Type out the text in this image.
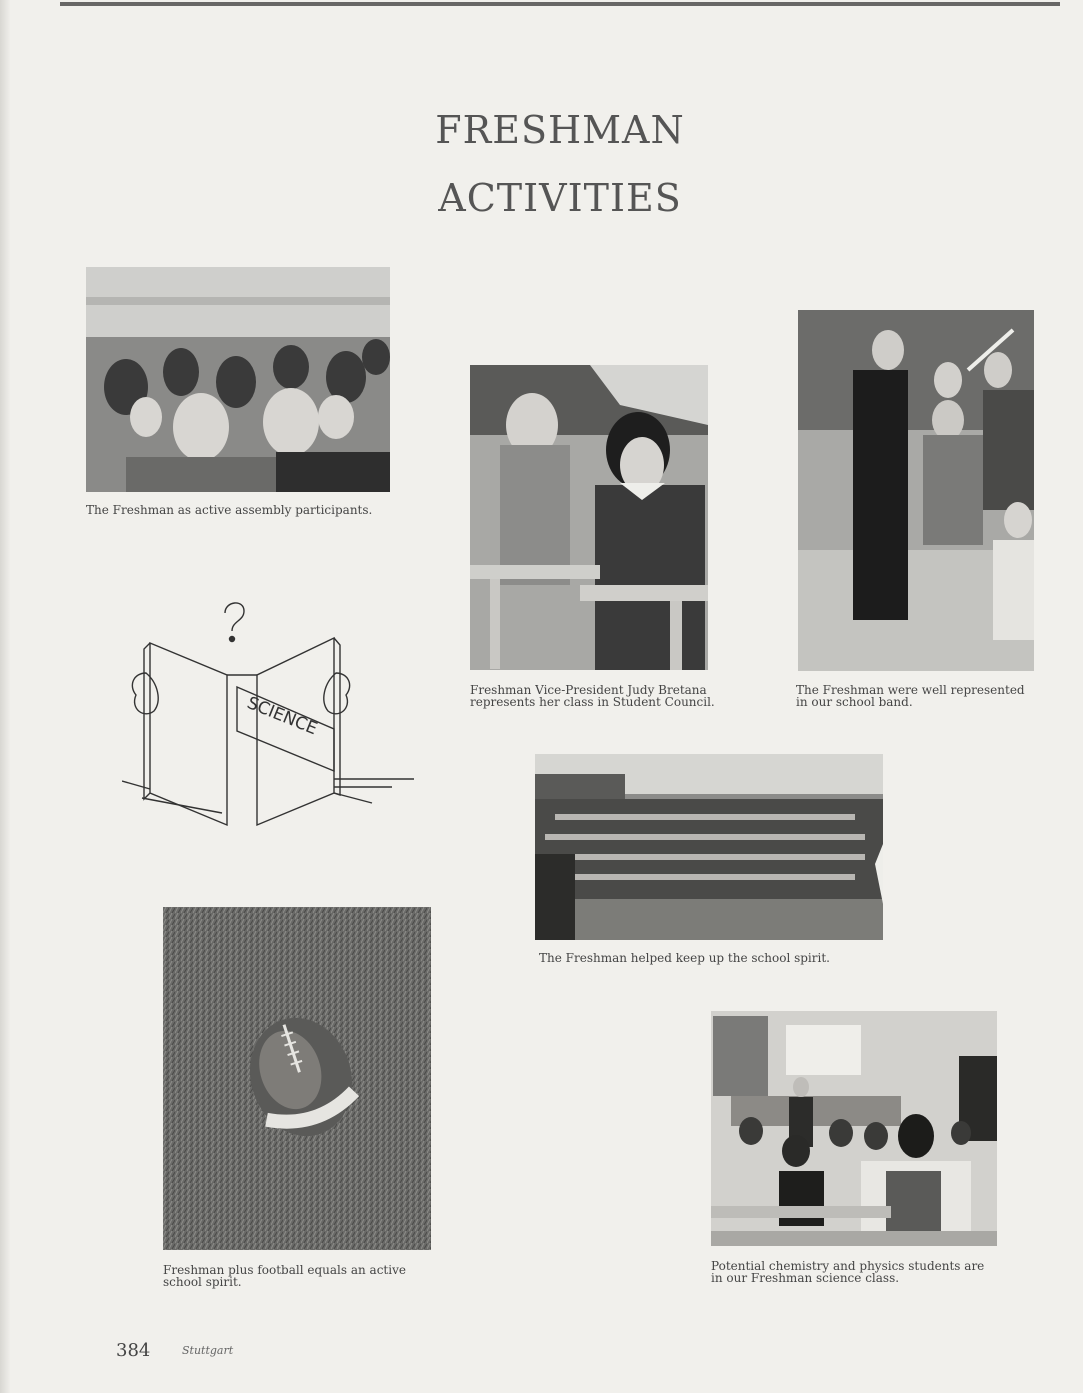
FRESHMAN
ACTIVITIES

The Freshman as active assembly participants.

Freshman Vice-President Judy Bretana
represents her class in Student Council.

The Freshman were well represented
in our school band.

SCIENCE

The Freshman helped keep up the school spirit.

Freshman plus football equals an active
school spirit.

Potential chemistry and physics students are
in our Freshman science class.

384	Stuttgart
